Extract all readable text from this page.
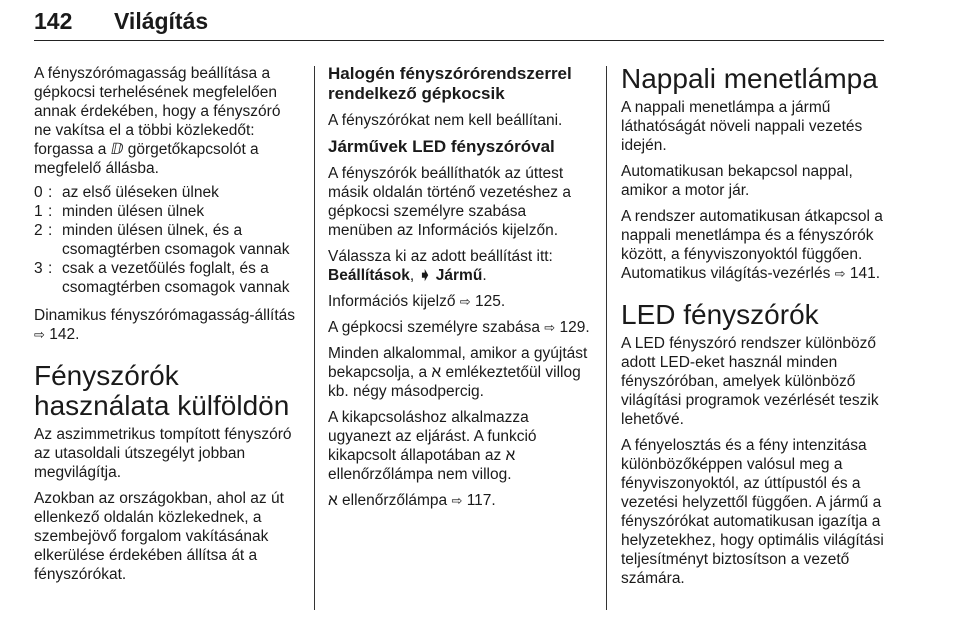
142 Világítás

A fényszórómagasság beállítása a gépkocsi terhelésének megfelelően annak érdekében, hogy a fényszóró ne vakítsa el a többi közlekedőt: forgassa a ⅅ görgetőkapcsolót a megfelelő állásba.

0 : az első üléseken ülnek
1 : minden ülésen ülnek
2 : minden ülésen ülnek, és a csomagtérben csomagok vannak
3 : csak a vezetőülés foglalt, és a csomagtérben csomagok vannak

Dinamikus fényszórómagasság-állítás ⇨ 142.

Fényszórók használata külföldön

Az aszimmetrikus tompított fényszóró az utasoldali útszegélyt jobban megvilágítja.

Azokban az országokban, ahol az út ellenkező oldalán közlekednek, a szembejövő forgalom vakításának elkerülése érdekében állítsa át a fényszórókat.

Halogén fényszórórendszerrel rendelkező gépkocsik

A fényszórókat nem kell beállítani.

Járművek LED fényszóróval

A fényszórók beállíthatók az úttest másik oldalán történő vezetéshez a gépkocsi személyre szabása menüben az Információs kijelzőn.

Válassza ki az adott beállítást itt: Beállítások, ➧ Jármű.

Információs kijelző ⇨ 125.

A gépkocsi személyre szabása ⇨ 129.

Minden alkalommal, amikor a gyújtást bekapcsolja, a ﬡ emlékeztetőül villog kb. négy másodpercig.

A kikapcsoláshoz alkalmazza ugyanezt az eljárást. A funkció kikapcsolt állapotában az ﬡ ellenőrzőlámpa nem villog.

ﬡ ellenőrzőlámpa ⇨ 117.

Nappali menetlámpa

A nappali menetlámpa a jármű láthatóságát növeli nappali vezetés idején.

Automatikusan bekapcsol nappal, amikor a motor jár.

A rendszer automatikusan átkapcsol a nappali menetlámpa és a fényszórók között, a fényviszonyoktól függően. Automatikus világítás-vezérlés ⇨ 141.

LED fényszórók

A LED fényszóró rendszer különböző adott LED-eket használ minden fényszóróban, amelyek különböző világítási programok vezérlését teszik lehetővé.

A fényelosztás és a fény intenzitása különbözőképpen valósul meg a fényviszonyoktól, az úttípustól és a vezetési helyzettől függően. A jármű a fényszórókat automatikusan igazítja a helyzetekhez, hogy optimális világítási teljesítményt biztosítson a vezető számára.
